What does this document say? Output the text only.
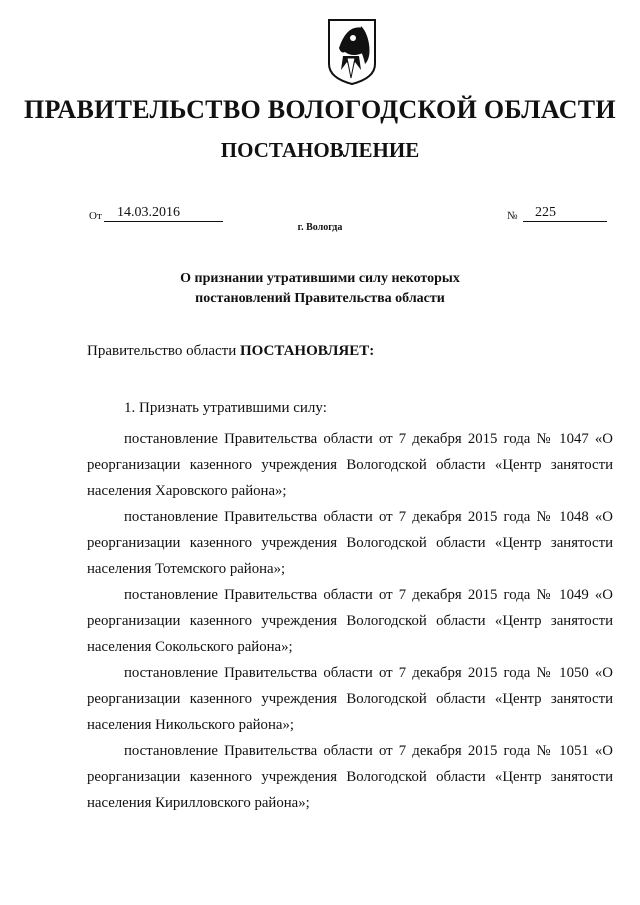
ПРАВИТЕЛЬСТВО ВОЛОГОДСКОЙ ОБЛАСТИ
ПОСТАНОВЛЕНИЕ
От 14.03.2016	№ 225
г. Вологда
О признании утратившими силу некоторых
постановлений Правительства области
Правительство области ПОСТАНОВЛЯЕТ:
1. Признать утратившими силу:

постановление Правительства области от 7 декабря 2015 года № 1047 «О реорганизации казенного учреждения Вологодской области «Центр занятости населения Харовского района»;

постановление Правительства области от 7 декабря 2015 года № 1048 «О реорганизации казенного учреждения Вологодской области «Центр занятости населения Тотемского района»;

постановление Правительства области от 7 декабря 2015 года № 1049 «О реорганизации казенного учреждения Вологодской области «Центр занятости населения Сокольского района»;

постановление Правительства области от 7 декабря 2015 года № 1050 «О реорганизации казенного учреждения Вологодской области «Центр занятости населения Никольского района»;

постановление Правительства области от 7 декабря 2015 года № 1051 «О реорганизации казенного учреждения Вологодской области «Центр занятости населения Кирилловского района»;
